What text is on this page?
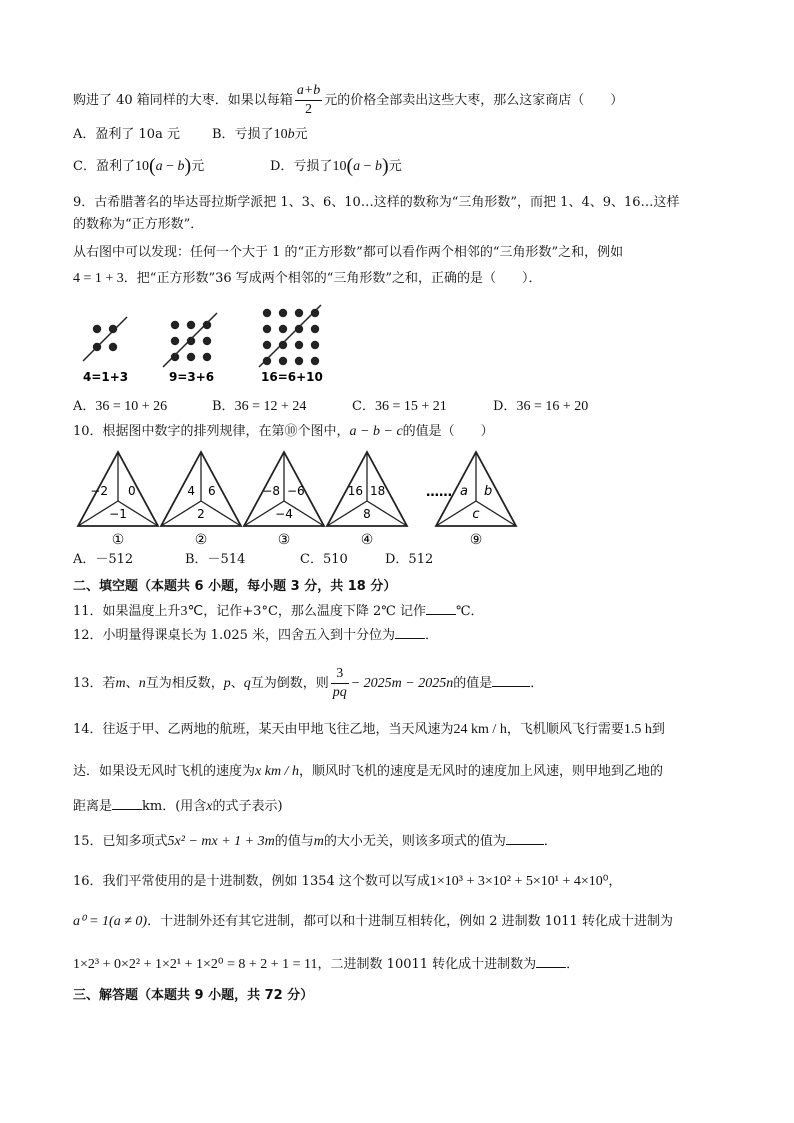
购进了 40 箱同样的大枣．如果以每箱 $\frac{a+b}{2}$ 元的价格全部卖出这些大枣，那么这家商店（　　）
A．盈利了 10a 元 B．亏损了10b元
C．盈利了10(a − b)元	D．亏损了10(a − b)元
9．古希腊著名的毕达哥拉斯学派把 1、3、6、10…这样的数称为“三角形数”，而把 1、4、9、16…这样
的数称为“正方形数”．
从右图中可以发现：任何一个大于 1 的“正方形数”都可以看作两个相邻的“三角形数”之和，例如
4 = 1 + 3．把“正方形数”36 写成两个相邻的“三角形数”之和，正确的是（　　）．
4=1+3	9=3+6	16=6+10
A．36 = 10 + 26	B．36 = 12 + 24	C．36 = 15 + 21	D．36 = 16 + 20
10．根据图中数字的排列规律，在第⑩个图中，a − b − c的值是（　　）
−2 0
−1
①
4 6
2
②
−8 −6
−4
③
16 18
8
④
…… a b
c
⑨
A．－512	B．－514	C．510	D．512
二、填空题（本题共 6 小题，每小题 3 分，共 18 分）
11．如果温度上升3℃，记作+3°C，那么温度下降 2℃ 记作 ℃．
12．小明量得课桌长为 1.025 米，四舍五入到十分位为 ．
13．若m、n互为相反数，p、q互为倒数，则 $\frac{3}{pq} - 2025m - 2025n$的值是	．
14．往返于甲、乙两地的航班，某天由甲地飞往乙地，当天风速为24 km / h，飞机顺风飞行需要1.5 h到
达．如果设无风时飞机的速度为x km / h，顺风时飞机的速度是无风时的速度加上风速，则甲地到乙地的
距离是 km．(用含x的式子表示)
15．已知多项式5x² − mx + 1 + 3m的值与m的大小无关，则该多项式的值为	．
16．我们平常使用的是十进制数，例如 1354 这个数可以写成1×10³ + 3×10² + 5×10¹ + 4×10⁰，
a⁰ = 1(a ≠ 0)．十进制外还有其它进制，都可以和十进制互相转化，例如 2 进制数 1011 转化成十进制为
1×2³ + 0×2² + 1×2¹ + 1×2⁰ = 8 + 2 + 1 = 11，二进制数 10011 转化成十进制数为 ．
三、解答题（本题共 9 小题，共 72 分）
